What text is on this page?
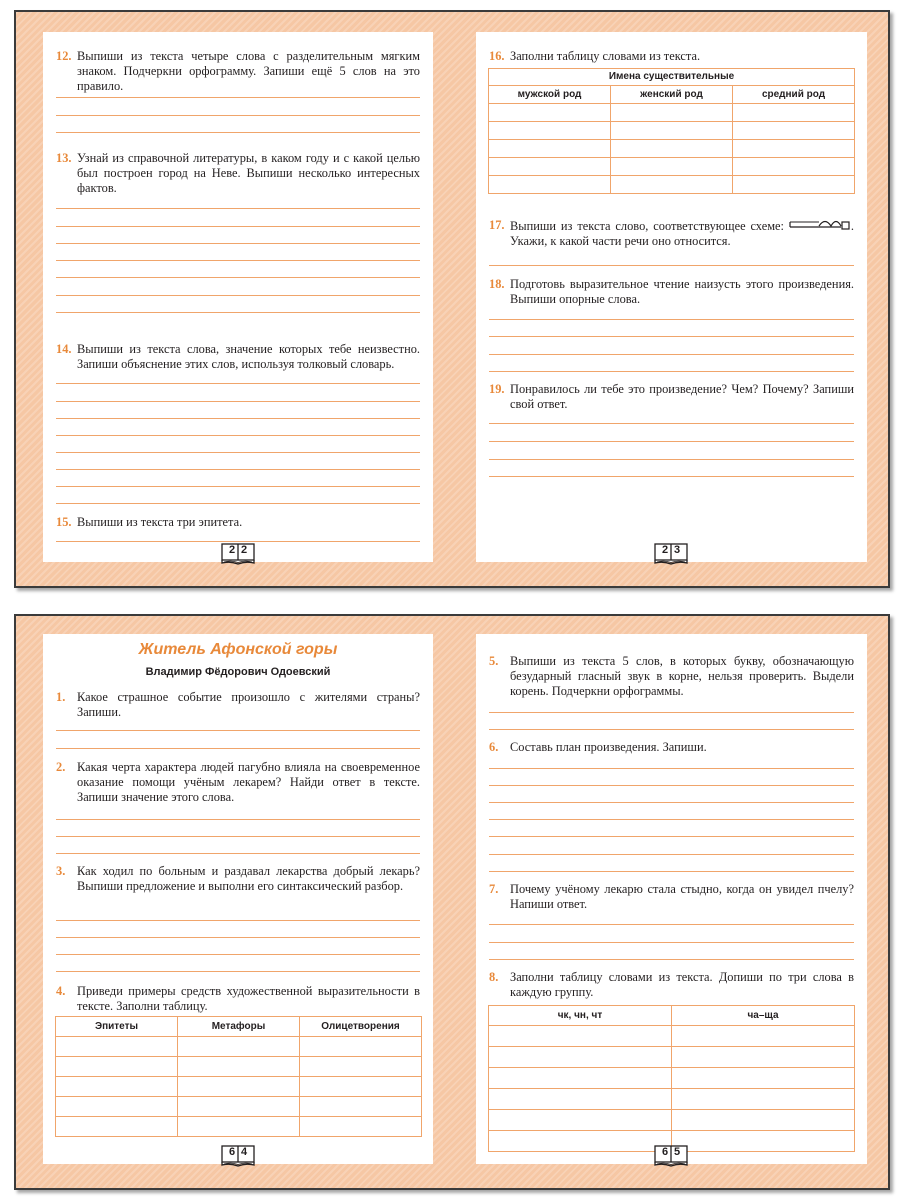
12. Выпиши из текста четыре слова с разделительным мягким знаком. Подчеркни орфограмму. Запиши ещё 5 слов на это правило.
13. Узнай из справочной литературы, в каком году и с какой целью был построен город на Неве. Выпиши несколько интересных фактов.
14. Выпиши из текста слова, значение которых тебе неизвестно. Запиши объяснение этих слов, используя толковый словарь.
15. Выпиши из текста три эпитета.
2 2
16. Заполни таблицу словами из текста.
Имена существительные		
мужской род	женский род	средний род

17. Выпиши из текста слово, соответствующее схеме:	. Укажи, к какой части речи оно относится.
18. Подготовь выразительное чтение наизусть этого произведения. Выпиши опорные слова.
19. Понравилось ли тебе это произведение? Чем? Почему? Запиши свой ответ.
2 3
Житель Афонской горы
Владимир Фёдорович Одоевский
1. Какое страшное событие произошло с жителями страны? Запиши.
2. Какая черта характера людей пагубно влияла на своевременное оказание помощи учёным лекарем? Найди ответ в тексте. Запиши значение этого слова.
3. Как ходил по больным и раздавал лекарства добрый лекарь? Выпиши предложение и выполни его синтаксический разбор.
4. Приведи примеры средств художественной выразительности в тексте. Заполни таблицу.
Эпитеты	Метафоры	Олицетворения

6 4
5. Выпиши из текста 5 слов, в которых букву, обозначающую безударный гласный звук в корне, нельзя проверить. Выдели корень. Подчеркни орфограммы.
6. Составь план произведения. Запиши.
7. Почему учёному лекарю стала стыдно, когда он увидел пчелу? Напиши ответ.
8. Заполни таблицу словами из текста. Допиши по три слова в каждую группу.
чк, чн, чт	ча–ща

6 5
